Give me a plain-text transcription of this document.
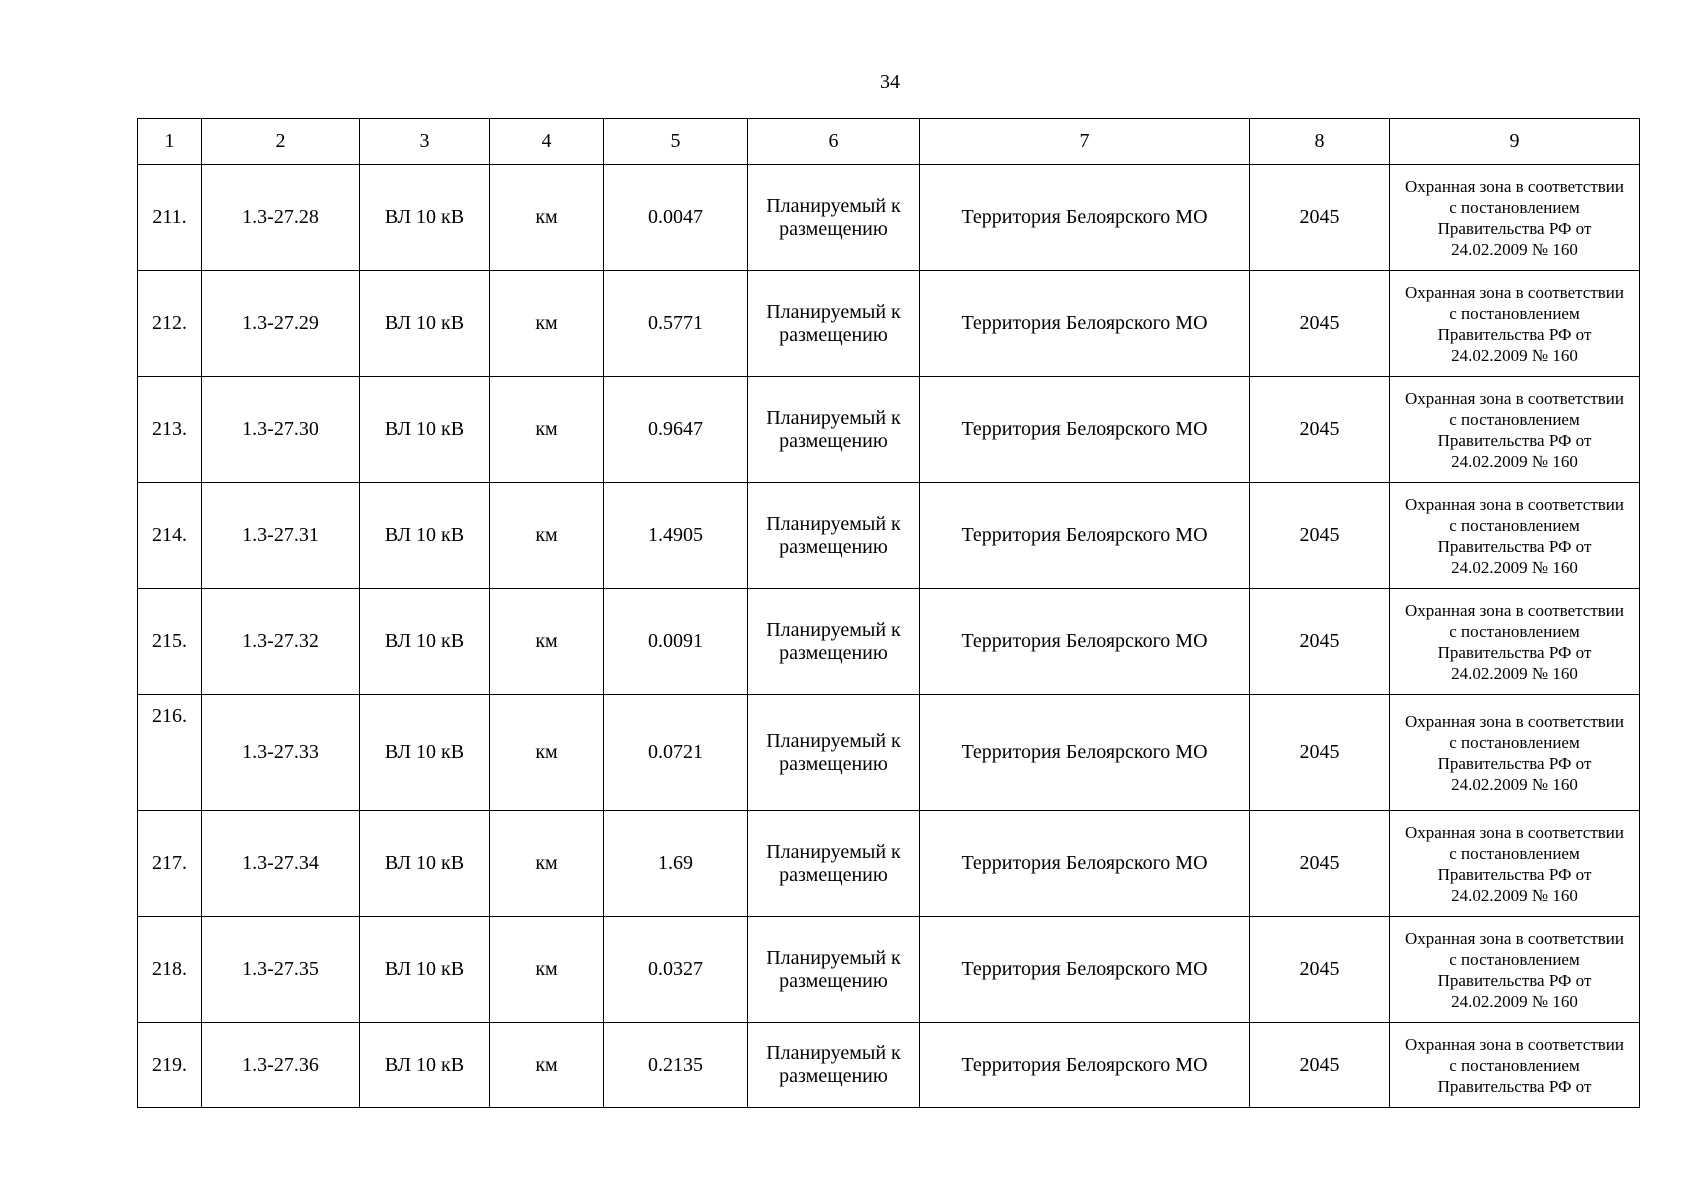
34
1	2	3	4	5	6	7	8	9
211.	1.3-27.28	ВЛ 10 кВ	км	0.0047	Планируемый к размещению	Территория Белоярского МО	2045	Охранная зона в соответствии
с постановлением
Правительства РФ от
24.02.2009 № 160

212.	1.3-27.29	ВЛ 10 кВ	км	0.5771	Планируемый к размещению	Территория Белоярского МО	2045	Охранная зона в соответствии
с постановлением
Правительства РФ от
24.02.2009 № 160

213.	1.3-27.30	ВЛ 10 кВ	км	0.9647	Планируемый к размещению	Территория Белоярского МО	2045	Охранная зона в соответствии
с постановлением
Правительства РФ от
24.02.2009 № 160

214.	1.3-27.31	ВЛ 10 кВ	км	1.4905	Планируемый к размещению	Территория Белоярского МО	2045	Охранная зона в соответствии
с постановлением
Правительства РФ от
24.02.2009 № 160

215.	1.3-27.32	ВЛ 10 кВ	км	0.0091	Планируемый к размещению	Территория Белоярского МО	2045	Охранная зона в соответствии
с постановлением
Правительства РФ от
24.02.2009 № 160

216.	1.3-27.33	ВЛ 10 кВ	км	0.0721	Планируемый к размещению	Территория Белоярского МО	2045	Охранная зона в соответствии
с постановлением
Правительства РФ от
24.02.2009 № 160

217.	1.3-27.34	ВЛ 10 кВ	км	1.69	Планируемый к размещению	Территория Белоярского МО	2045	Охранная зона в соответствии
с постановлением
Правительства РФ от
24.02.2009 № 160

218.	1.3-27.35	ВЛ 10 кВ	км	0.0327	Планируемый к размещению	Территория Белоярского МО	2045	Охранная зона в соответствии
с постановлением
Правительства РФ от
24.02.2009 № 160

219.	1.3-27.36	ВЛ 10 кВ	км	0.2135	Планируемый к размещению	Территория Белоярского МО	2045	Охранная зона в соответствии
с постановлением
Правительства РФ от
